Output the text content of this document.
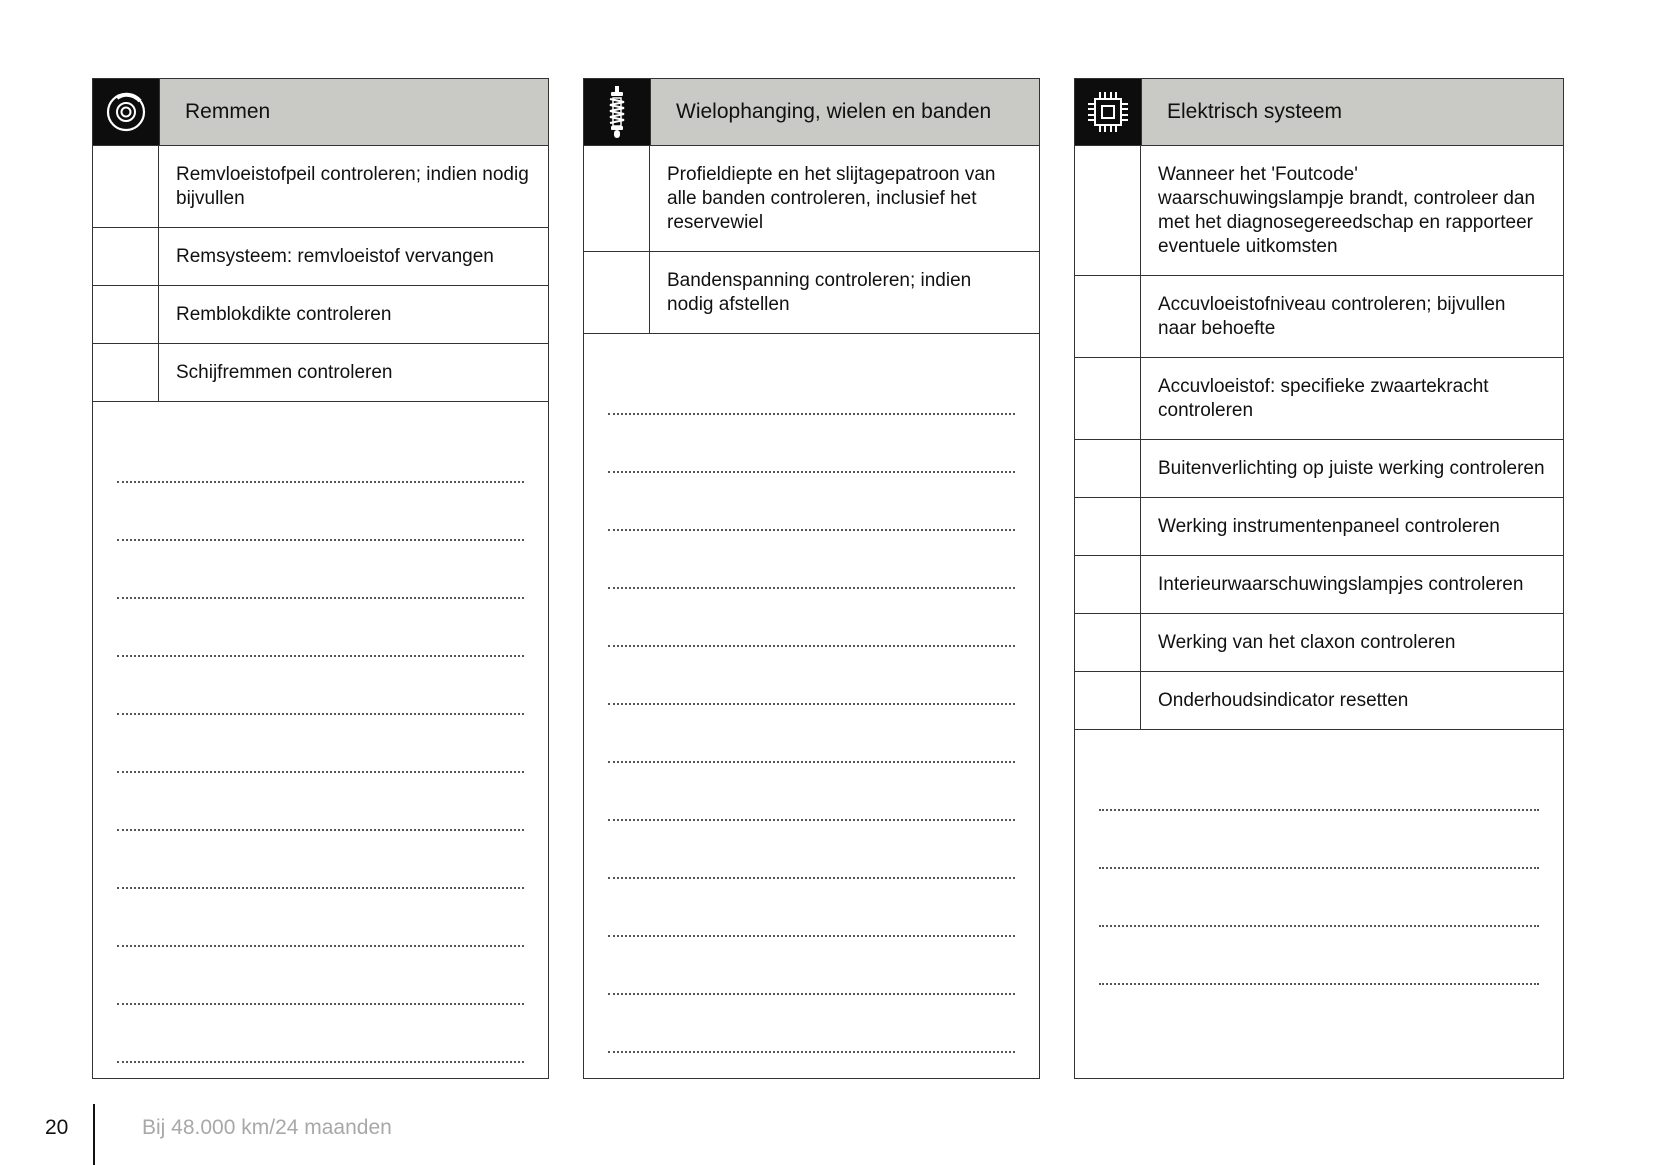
Remmen
Remvloeistofpeil controleren; indien nodig bijvullen
Remsysteem: remvloeistof vervangen
Remblokdikte controleren
Schijfremmen controleren
Wielophanging, wielen en banden
Profieldiepte en het slijtagepatroon van alle banden controleren, inclusief het reservewiel
Bandenspanning controleren; indien nodig afstellen
Elektrisch systeem
Wanneer het 'Foutcode' waarschuwingslampje brandt, controleer dan met het diagnosegereedschap en rapporteer eventuele uitkomsten
Accuvloeistofniveau controleren; bijvullen naar behoefte
Accuvloeistof: specifieke zwaartekracht controleren
Buitenverlichting op juiste werking controleren
Werking instrumentenpaneel controleren
Interieurwaarschuwingslampjes controleren
Werking van het claxon controleren
Onderhoudsindicator resetten
20	Bij 48.000 km/24 maanden
